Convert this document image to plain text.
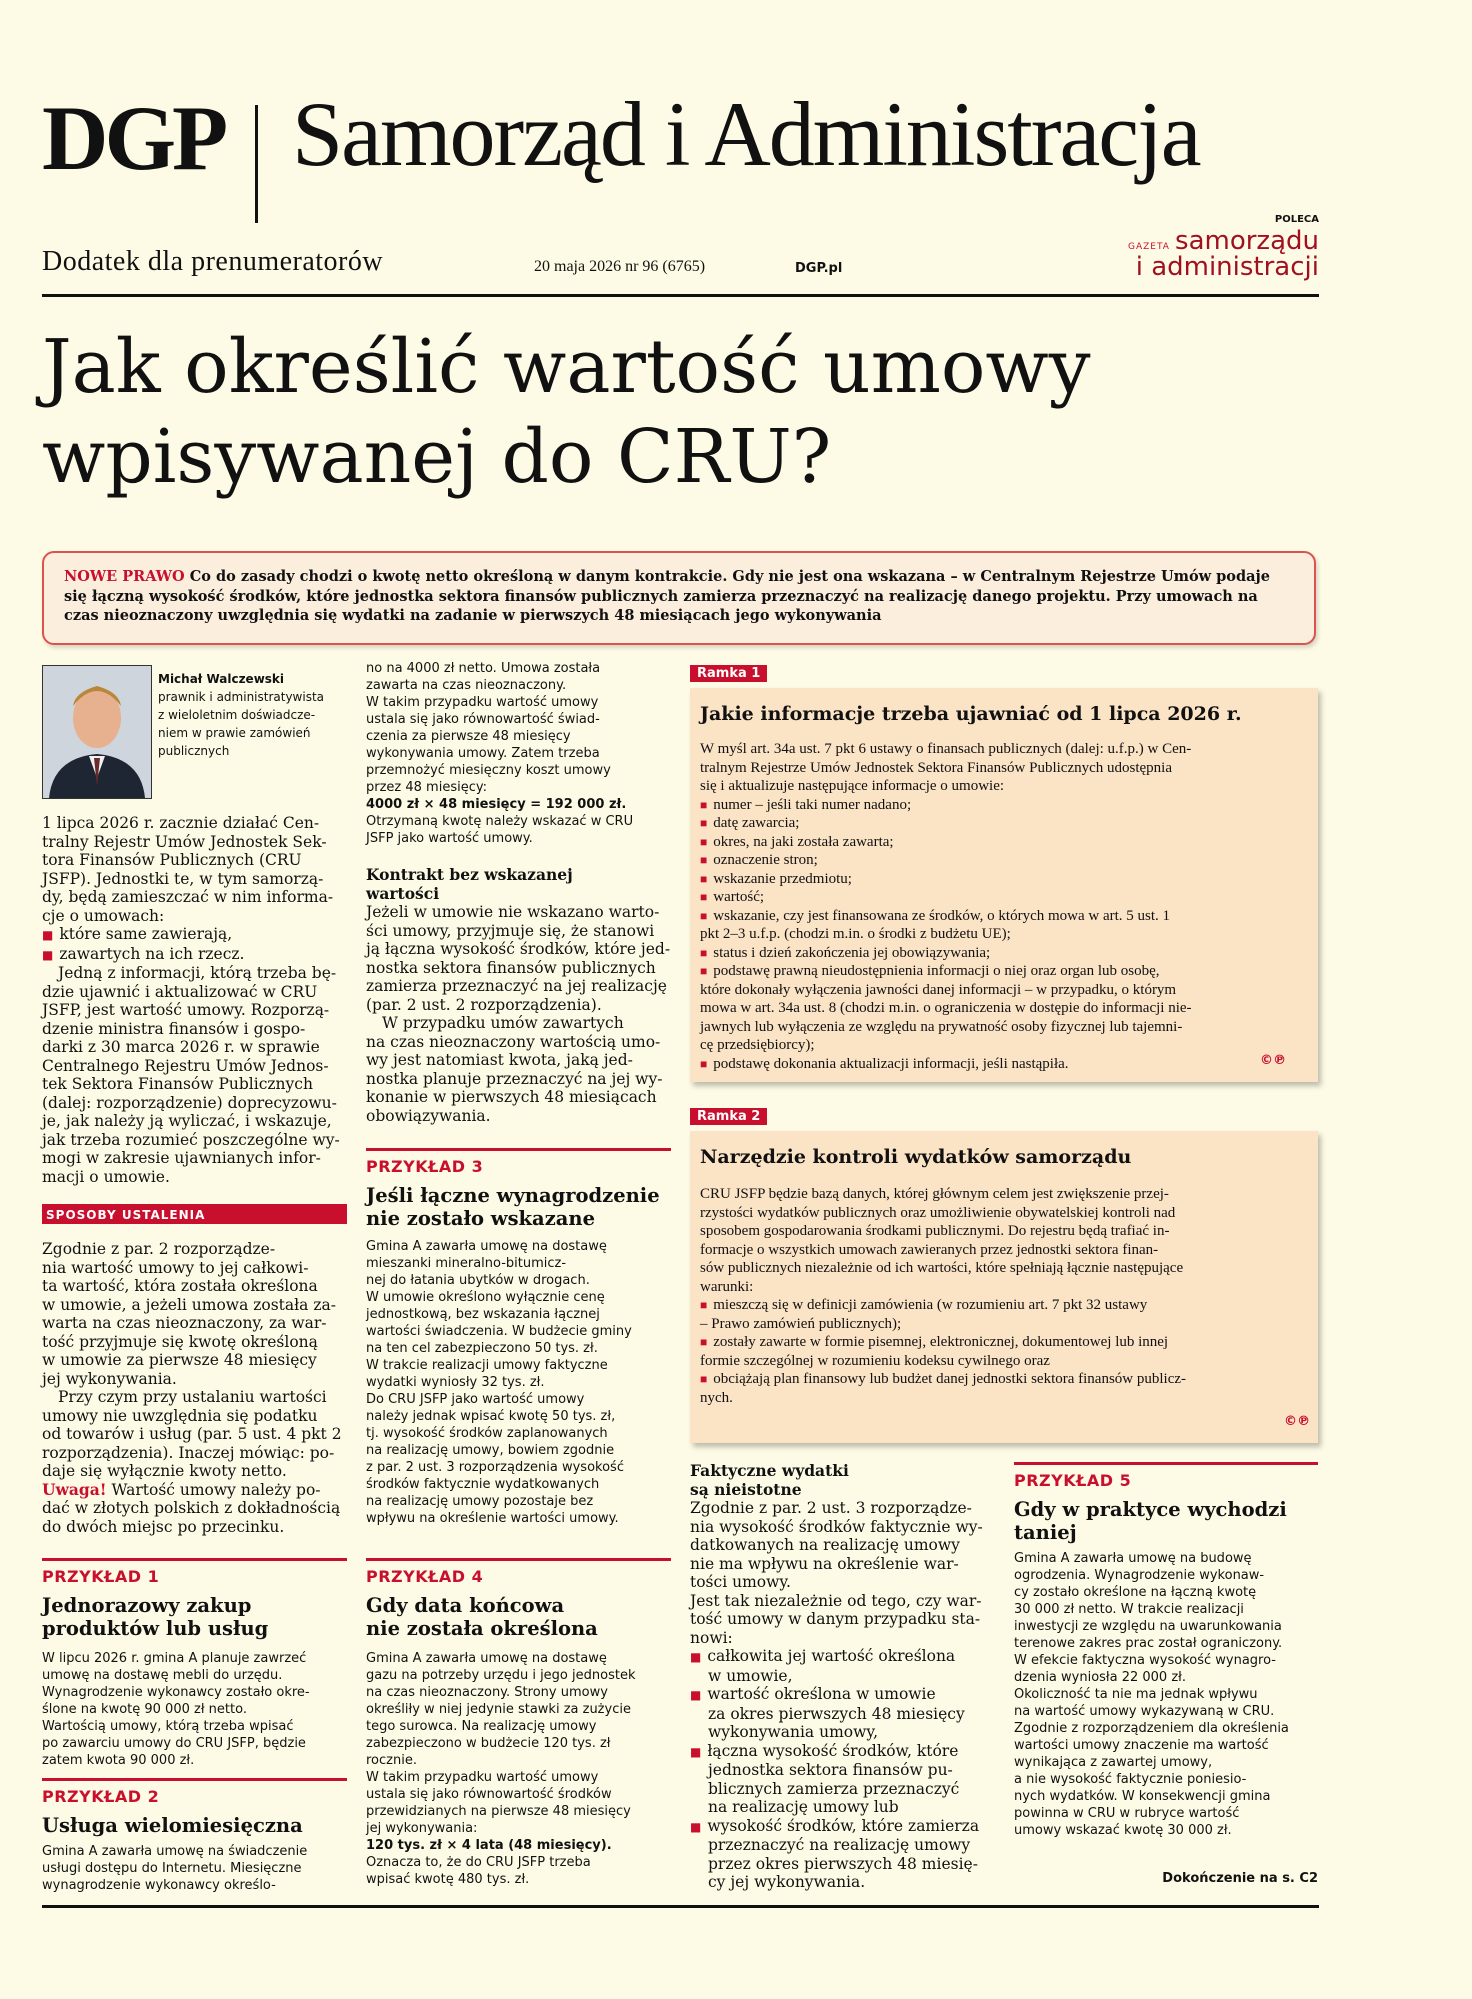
DGP Samorząd i Administracja
Dodatek dla prenumeratorów	20 maja 2026 nr 96 (6765)	DGP.pl
POLECA
GAZETA samorządu
i administracji
Jak określić wartość umowy wpisywanej do CRU?
NOWE PRAWO Co do zasady chodzi o kwotę netto określoną w danym kontrakcie. Gdy nie jest ona wskazana – w Centralnym Rejestrze Umów podaje się łączną wysokość środków, które jednostka sektora finansów publicznych zamierza przeznaczyć na realizację danego projektu. Przy umowach na czas nieoznaczony uwzględnia się wydatki na zadanie w pierwszych 48 miesiącach jego wykonywania
Michał Walczewski
prawnik i administratywista
z wieloletnim doświadcze-
niem w prawie zamówień
publicznych
1 lipca 2026 r. zacznie działać Cen-
tralny Rejestr Umów Jednostek Sek-
tora Finansów Publicznych (CRU
JSFP). Jednostki te, w tym samorzą-
dy, będą zamieszczać w nim informa-
cje o umowach:
■ które same zawierają,
■ zawartych na ich rzecz.
Jedną z informacji, którą trzeba bę-
dzie ujawnić i aktualizować w CRU
JSFP, jest wartość umowy. Rozporzą-
dzenie ministra finansów i gospo-
darki z 30 marca 2026 r. w sprawie
Centralnego Rejestru Umów Jednos-
tek Sektora Finansów Publicznych
(dalej: rozporządzenie) doprecyzowu-
je, jak należy ją wyliczać, i wskazuje,
jak trzeba rozumieć poszczególne wy-
mogi w zakresie ujawnianych infor-
macji o umowie.
SPOSOBY USTALENIA
Zgodnie z par. 2 rozporządze-
nia wartość umowy to jej całkowi-
ta wartość, która została określona
w umowie, a jeżeli umowa została za-
warta na czas nieoznaczony, za war-
tość przyjmuje się kwotę określoną
w umowie za pierwsze 48 miesięcy
jej wykonywania.
Przy czym przy ustalaniu wartości
umowy nie uwzględnia się podatku
od towarów i usług (par. 5 ust. 4 pkt 2
rozporządzenia). Inaczej mówiąc: po-
daje się wyłącznie kwoty netto.
Uwaga! Wartość umowy należy po-
dać w złotych polskich z dokładnością
do dwóch miejsc po przecinku.
PRZYKŁAD 1
Jednorazowy zakup
produktów lub usług
W lipcu 2026 r. gmina A planuje zawrzeć
umowę na dostawę mebli do urzędu.
Wynagrodzenie wykonawcy zostało okre-
ślone na kwotę 90 000 zł netto.
Wartością umowy, którą trzeba wpisać
po zawarciu umowy do CRU JSFP, będzie
zatem kwota 90 000 zł.
PRZYKŁAD 2
Usługa wielomiesięczna
Gmina A zawarła umowę na świadczenie
usługi dostępu do Internetu. Miesięczne
wynagrodzenie wykonawcy określo-
no na 4000 zł netto. Umowa została
zawarta na czas nieoznaczony.
W takim przypadku wartość umowy
ustala się jako równowartość świad-
czenia za pierwsze 48 miesięcy
wykonywania umowy. Zatem trzeba
przemnożyć miesięczny koszt umowy
przez 48 miesięcy:
4000 zł × 48 miesięcy = 192 000 zł.
Otrzymaną kwotę należy wskazać w CRU
JSFP jako wartość umowy.
Kontrakt bez wskazanej
wartości
Jeżeli w umowie nie wskazano warto-
ści umowy, przyjmuje się, że stanowi
ją łączna wysokość środków, które jed-
nostka sektora finansów publicznych
zamierza przeznaczyć na jej realizację
(par. 2 ust. 2 rozporządzenia).
W przypadku umów zawartych
na czas nieoznaczony wartością umo-
wy jest natomiast kwota, jaką jed-
nostka planuje przeznaczyć na jej wy-
konanie w pierwszych 48 miesiącach
obowiązywania.
PRZYKŁAD 3
Jeśli łączne wynagrodzenie
nie zostało wskazane
Gmina A zawarła umowę na dostawę
mieszanki mineralno-bitumicz-
nej do łatania ubytków w drogach.
W umowie określono wyłącznie cenę
jednostkową, bez wskazania łącznej
wartości świadczenia. W budżecie gminy
na ten cel zabezpieczono 50 tys. zł.
W trakcie realizacji umowy faktyczne
wydatki wyniosły 32 tys. zł.
Do CRU JSFP jako wartość umowy
należy jednak wpisać kwotę 50 tys. zł,
tj. wysokość środków zaplanowanych
na realizację umowy, bowiem zgodnie
z par. 2 ust. 3 rozporządzenia wysokość
środków faktycznie wydatkowanych
na realizację umowy pozostaje bez
wpływu na określenie wartości umowy.
PRZYKŁAD 4
Gdy data końcowa
nie została określona
Gmina A zawarła umowę na dostawę
gazu na potrzeby urzędu i jego jednostek
na czas nieoznaczony. Strony umowy
określiły w niej jedynie stawki za zużycie
tego surowca. Na realizację umowy
zabezpieczono w budżecie 120 tys. zł
rocznie.
W takim przypadku wartość umowy
ustala się jako równowartość środków
przewidzianych na pierwsze 48 miesięcy
jej wykonywania:
120 tys. zł × 4 lata (48 miesięcy).
Oznacza to, że do CRU JSFP trzeba
wpisać kwotę 480 tys. zł.
Ramka 1
Jakie informacje trzeba ujawniać od 1 lipca 2026 r.
W myśl art. 34a ust. 7 pkt 6 ustawy o finansach publicznych (dalej: u.f.p.) w Cen-
tralnym Rejestrze Umów Jednostek Sektora Finansów Publicznych udostępnia
się i aktualizuje następujące informacje o umowie:
■ numer – jeśli taki numer nadano;
■ datę zawarcia;
■ okres, na jaki została zawarta;
■ oznaczenie stron;
■ wskazanie przedmiotu;
■ wartość;
■ wskazanie, czy jest finansowana ze środków, o których mowa w art. 5 ust. 1
pkt 2–3 u.f.p. (chodzi m.in. o środki z budżetu UE);
■ status i dzień zakończenia jej obowiązywania;
■ podstawę prawną nieudostępnienia informacji o niej oraz organ lub osobę,
które dokonały wyłączenia jawności danej informacji – w przypadku, o którym
mowa w art. 34a ust. 8 (chodzi m.in. o ograniczenia w dostępie do informacji nie-
jawnych lub wyłączenia ze względu na prywatność osoby fizycznej lub tajemni-
cę przedsiębiorcy);
■ podstawę dokonania aktualizacji informacji, jeśli nastąpiła.	©℗
Ramka 2
Narzędzie kontroli wydatków samorządu
CRU JSFP będzie bazą danych, której głównym celem jest zwiększenie przej-
rzystości wydatków publicznych oraz umożliwienie obywatelskiej kontroli nad
sposobem gospodarowania środkami publicznymi. Do rejestru będą trafiać in-
formacje o wszystkich umowach zawieranych przez jednostki sektora finan-
sów publicznych niezależnie od ich wartości, które spełniają łącznie następujące
warunki:
■ mieszczą się w definicji zamówienia (w rozumieniu art. 7 pkt 32 ustawy
– Prawo zamówień publicznych);
■ zostały zawarte w formie pisemnej, elektronicznej, dokumentowej lub innej
formie szczególnej w rozumieniu kodeksu cywilnego oraz
■ obciążają plan finansowy lub budżet danej jednostki sektora finansów publicz-
nych.
©℗
Faktyczne wydatki
są nieistotne
Zgodnie z par. 2 ust. 3 rozporządze-
nia wysokość środków faktycznie wy-
datkowanych na realizację umowy
nie ma wpływu na określenie war-
tości umowy.
Jest tak niezależnie od tego, czy war-
tość umowy w danym przypadku sta-
nowi:
■ całkowita jej wartość określona
w umowie,
■ wartość określona w umowie
za okres pierwszych 48 miesięcy
wykonywania umowy,
■ łączna wysokość środków, które
jednostka sektora finansów pu-
blicznych zamierza przeznaczyć
na realizację umowy lub
■ wysokość środków, które zamierza
przeznaczyć na realizację umowy
przez okres pierwszych 48 miesię-
cy jej wykonywania.
PRZYKŁAD 5
Gdy w praktyce wychodzi
taniej
Gmina A zawarła umowę na budowę
ogrodzenia. Wynagrodzenie wykonaw-
cy zostało określone na łączną kwotę
30 000 zł netto. W trakcie realizacji
inwestycji ze względu na uwarunkowania
terenowe zakres prac został ograniczony.
W efekcie faktyczna wysokość wynagro-
dzenia wyniosła 22 000 zł.
Okoliczność ta nie ma jednak wpływu
na wartość umowy wykazywaną w CRU.
Zgodnie z rozporządzeniem dla określenia
wartości umowy znaczenie ma wartość
wynikająca z zawartej umowy,
a nie wysokość faktycznie poniesio-
nych wydatków. W konsekwencji gmina
powinna w CRU w rubryce wartość
umowy wskazać kwotę 30 000 zł.
Dokończenie na s. C2
